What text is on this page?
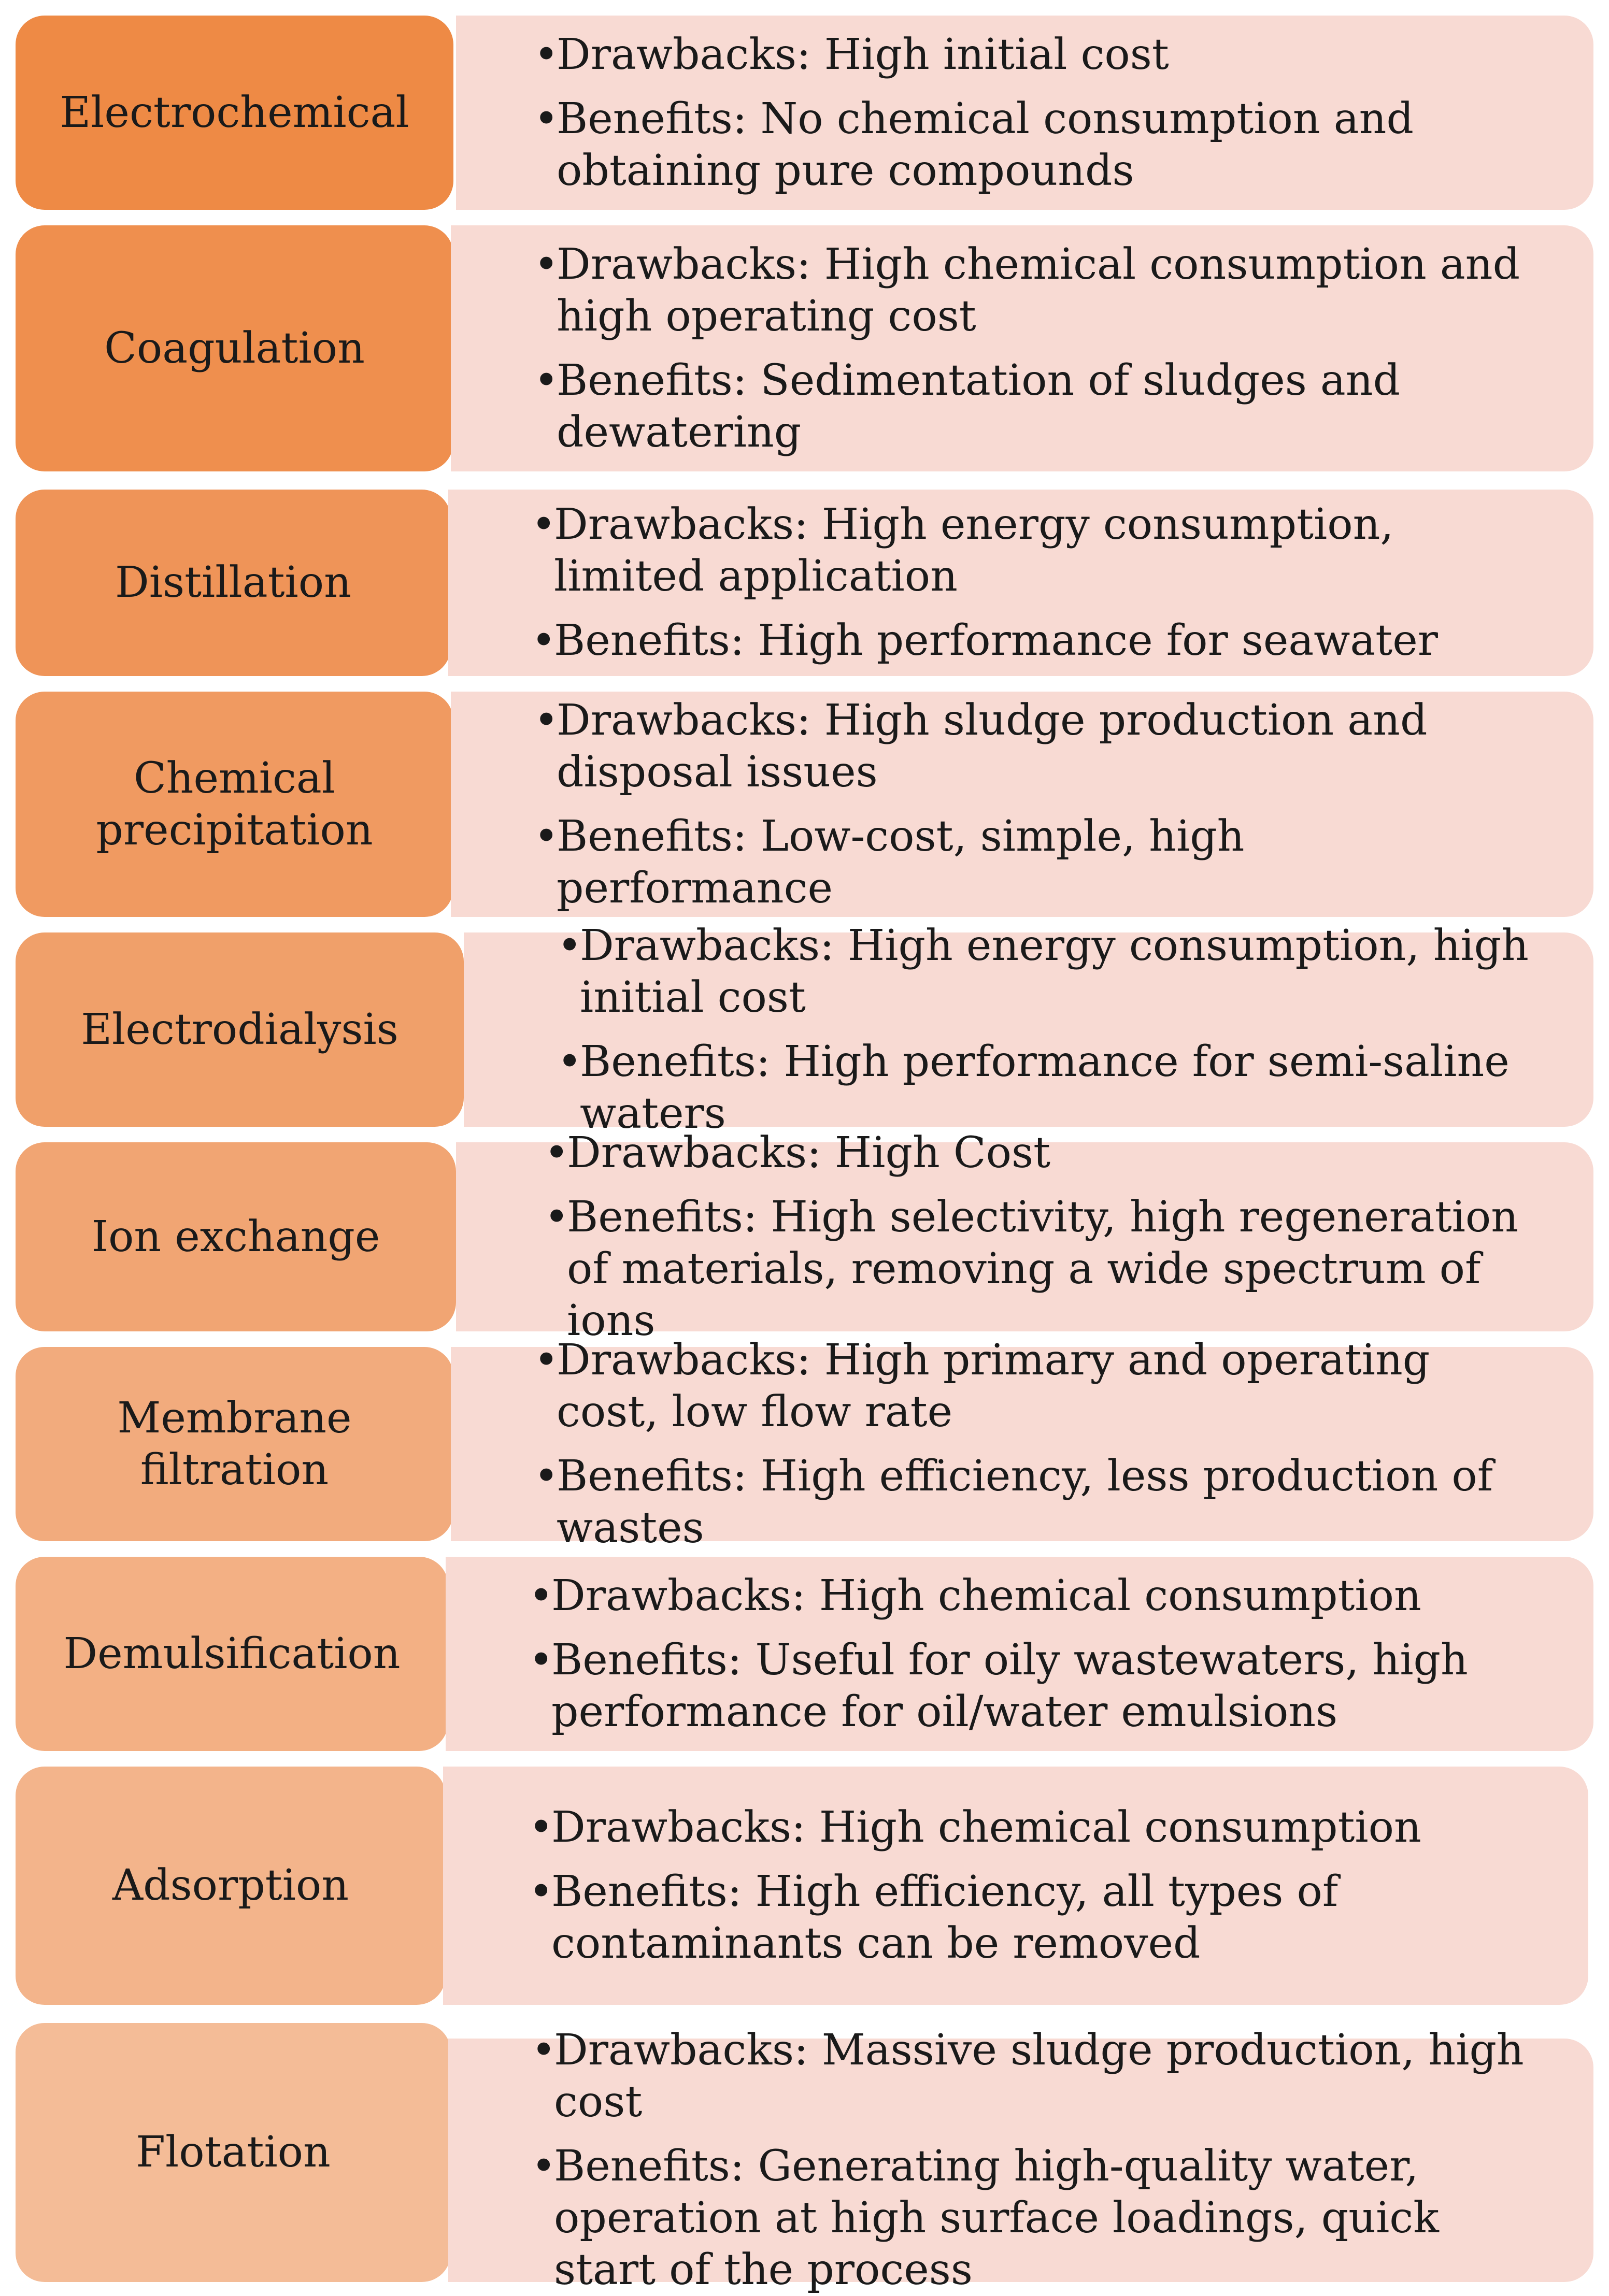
Electrochemical
• Drawbacks: High initial cost
• Benefits: No chemical consumption and obtaining pure compounds
Coagulation
• Drawbacks: High chemical consumption and high operating cost
• Benefits: Sedimentation of sludges and dewatering
Distillation
• Drawbacks: High energy consumption, limited application
• Benefits: High performance for seawater
Chemical precipitation
• Drawbacks: High sludge production and disposal issues
• Benefits: Low-cost, simple, high performance
Electrodialysis
• Drawbacks: High energy consumption, high initial cost
• Benefits: High performance for semi-saline waters
Ion exchange
• Drawbacks: High Cost
• Benefits: High selectivity, high regeneration of materials, removing a wide spectrum of ions
Membrane filtration
• Drawbacks: High primary and operating cost, low flow rate
• Benefits: High efficiency, less production of wastes
Demulsification
• Drawbacks: High chemical consumption
• Benefits: Useful for oily wastewaters, high performance for oil/water emulsions
Adsorption
• Drawbacks: High chemical consumption
• Benefits: High efficiency, all types of contaminants can be removed
Flotation
• Drawbacks: Massive sludge production, high cost
• Benefits: Generating high-quality water, operation at high surface loadings, quick start of the process
